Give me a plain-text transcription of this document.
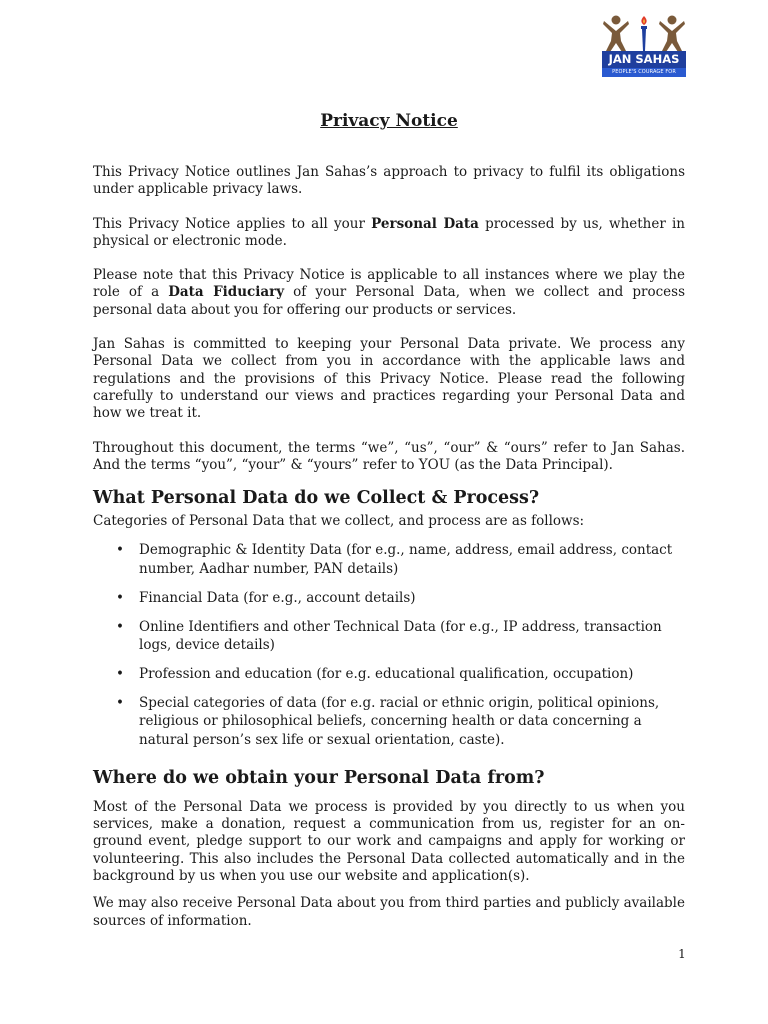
JAN SAHAS
PEOPLE'S COURAGE FOR CHANGE
Privacy Notice

This Privacy Notice outlines Jan Sahas’s approach to privacy to fulfil its obligations under applicable privacy laws.

This Privacy Notice applies to all your Personal Data processed by us, whether in physical or electronic mode.

Please note that this Privacy Notice is applicable to all instances where we play the role of a Data Fiduciary of your Personal Data, when we collect and process personal data about you for offering our products or services.

Jan Sahas is committed to keeping your Personal Data private. We process any Personal Data we collect from you in accordance with the applicable laws and regulations and the provisions of this Privacy Notice. Please read the following carefully to understand our views and practices regarding your Personal Data and how we treat it.

Throughout this document, the terms “we”, “us”, “our” & “ours” refer to Jan Sahas. And the terms “you”, “your” & “yours” refer to YOU (as the Data Principal).

What Personal Data do we Collect & Process?

Categories of Personal Data that we collect, and process are as follows:

• Demographic & Identity Data (for e.g., name, address, email address, contact number, Aadhar number, PAN details)
• Financial Data (for e.g., account details)
• Online Identifiers and other Technical Data (for e.g., IP address, transaction logs, device details)
• Profession and education (for e.g. educational qualification, occupation)
• Special categories of data (for e.g. racial or ethnic origin, political opinions, religious or philosophical beliefs, concerning health or data concerning a natural person’s sex life or sexual orientation, caste).
Where do we obtain your Personal Data from?

Most of the Personal Data we process is provided by you directly to us when you services, make a donation, request a communication from us, register for an on-ground event, pledge support to our work and campaigns and apply for working or volunteering. This also includes the Personal Data collected automatically and in the background by us when you use our website and application(s).

We may also receive Personal Data about you from third parties and publicly available sources of information.

1
